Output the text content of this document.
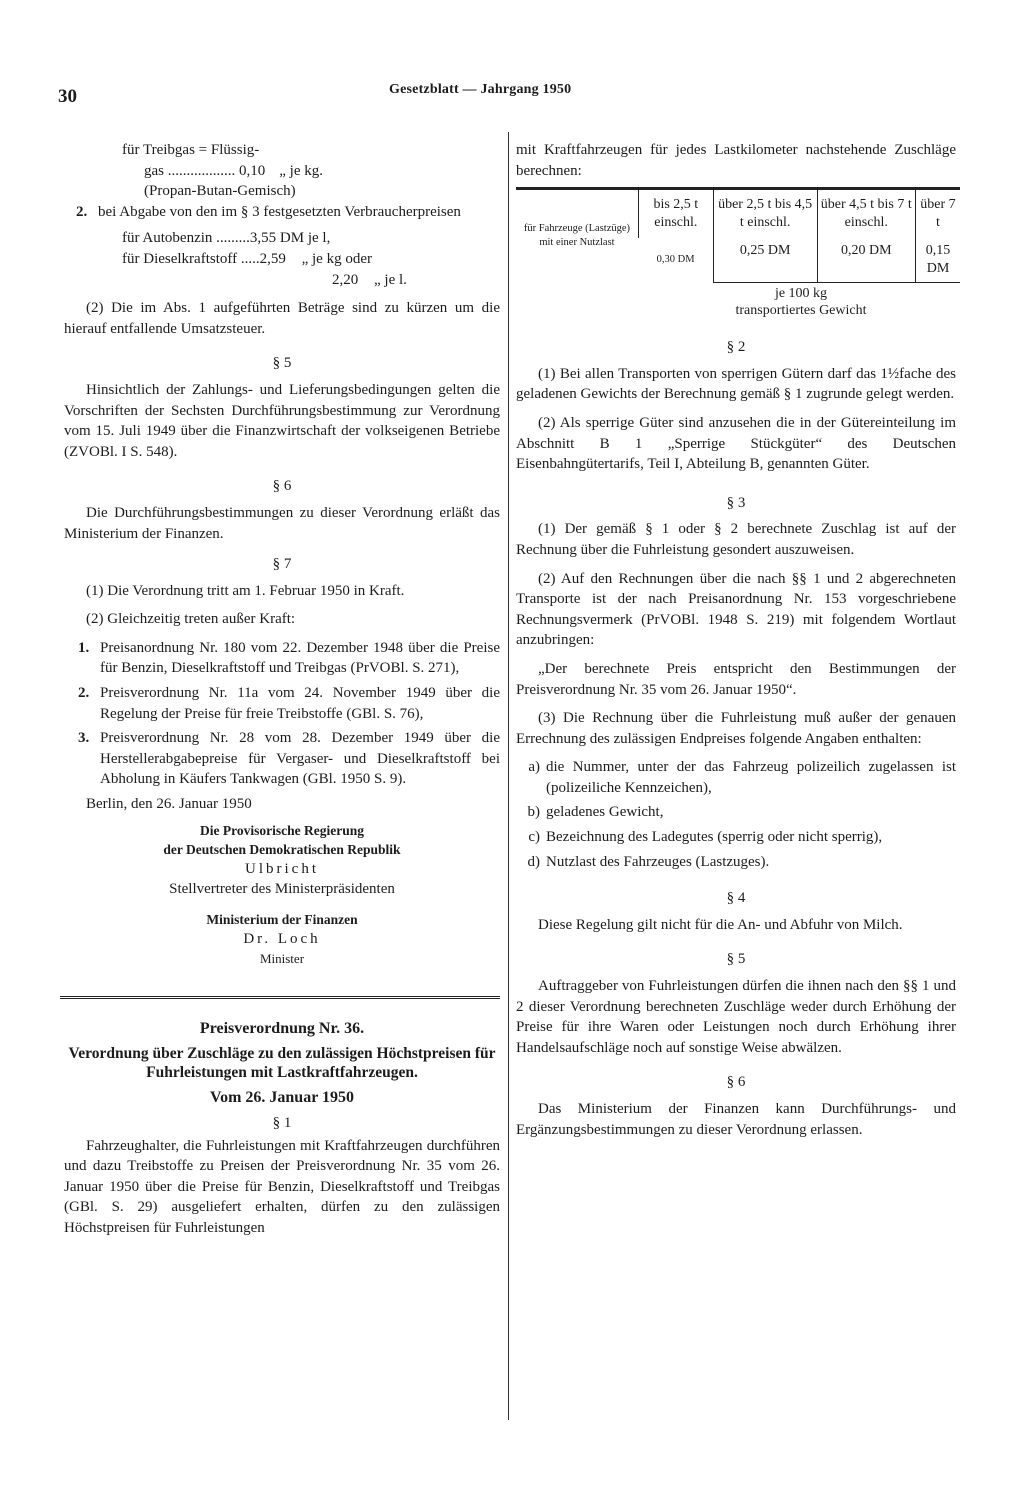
30	Gesetzblatt — Jahrgang 1950
für Treibgas = Flüssig-
gas .................. 0,10 „ je kg.
(Propan-Butan-Gemisch)
2. bei Abgabe von den im § 3 festgesetzten Verbraucherpreisen
für Autobenzin .........3,55 DM je l,
für Dieselkraftstoff .....2,59 „ je kg oder
2,20 „ je l.

(2) Die im Abs. 1 aufgeführten Beträge sind zu kürzen um die hierauf entfallende Umsatzsteuer.

§ 5

Hinsichtlich der Zahlungs- und Lieferungsbedingungen gelten die Vorschriften der Sechsten Durchführungsbestimmung zur Verordnung vom 15. Juli 1949 über die Finanzwirtschaft der volkseigenen Betriebe (ZVOBl. I S. 548).

§ 6

Die Durchführungsbestimmungen zu dieser Verordnung erläßt das Ministerium der Finanzen.

§ 7

(1) Die Verordnung tritt am 1. Februar 1950 in Kraft.

(2) Gleichzeitig treten außer Kraft:

1. Preisanordnung Nr. 180 vom 22. Dezember 1948 über die Preise für Benzin, Dieselkraftstoff und Treibgas (PrVOBl. S. 271),
2. Preisverordnung Nr. 11a vom 24. November 1949 über die Regelung der Preise für freie Treibstoffe (GBl. S. 76),
3. Preisverordnung Nr. 28 vom 28. Dezember 1949 über die Herstellerabgabepreise für Vergaser- und Dieselkraftstoff bei Abholung in Käufers Tankwagen (GBl. 1950 S. 9).

Berlin, den 26. Januar 1950

Die Provisorische Regierung
der Deutschen Demokratischen Republik
Ulbricht
Stellvertreter des Ministerpräsidenten
Ministerium der Finanzen
Dr. Loch
Minister
Preisverordnung Nr. 36.
Verordnung über Zuschläge zu den zulässigen Höchstpreisen für Fuhrleistungen mit Lastkraftfahrzeugen.
Vom 26. Januar 1950
§ 1

Fahrzeughalter, die Fuhrleistungen mit Kraftfahrzeugen durchführen und dazu Treibstoffe zu Preisen der Preisverordnung Nr. 35 vom 26. Januar 1950 über die Preise für Benzin, Dieselkraftstoff und Treibgas (GBl. S. 29) ausgeliefert erhalten, dürfen zu den zulässigen Höchstpreisen für Fuhrleistungen

mit Kraftfahrzeugen für jedes Lastkilometer nachstehende Zuschläge berechnen:

für Fahrzeuge (Lastzüge) mit einer Nutzlast	bis 2,5 t einschl.	über 2,5 t bis 4,5 t einschl.	über 4,5 t bis 7 t einschl.	über 7 t
	0,30 DM	0,25 DM	0,20 DM	0,15 DM
je 100 kg
transportiertes Gewicht
§ 2

(1) Bei allen Transporten von sperrigen Gütern darf das 1½fache des geladenen Gewichts der Berechnung gemäß § 1 zugrunde gelegt werden.

(2) Als sperrige Güter sind anzusehen die in der Gütereinteilung im Abschnitt B 1 „Sperrige Stückgüter“ des Deutschen Eisenbahngütertarifs, Teil I, Abteilung B, genannten Güter.

§ 3

(1) Der gemäß § 1 oder § 2 berechnete Zuschlag ist auf der Rechnung über die Fuhrleistung gesondert auszuweisen.

(2) Auf den Rechnungen über die nach §§ 1 und 2 abgerechneten Transporte ist der nach Preisanordnung Nr. 153 vorgeschriebene Rechnungsvermerk (PrVOBl. 1948 S. 219) mit folgendem Wortlaut anzubringen:

„Der berechnete Preis entspricht den Bestimmungen der Preisverordnung Nr. 35 vom 26. Januar 1950“.

(3) Die Rechnung über die Fuhrleistung muß außer der genauen Errechnung des zulässigen Endpreises folgende Angaben enthalten:

a) die Nummer, unter der das Fahrzeug polizeilich zugelassen ist (polizeiliche Kennzeichen),
b) geladenes Gewicht,
c) Bezeichnung des Ladegutes (sperrig oder nicht sperrig),
d) Nutzlast des Fahrzeuges (Lastzuges).
§ 4

Diese Regelung gilt nicht für die An- und Abfuhr von Milch.

§ 5

Auftraggeber von Fuhrleistungen dürfen die ihnen nach den §§ 1 und 2 dieser Verordnung berechneten Zuschläge weder durch Erhöhung der Preise für ihre Waren oder Leistungen noch durch Erhöhung ihrer Handelsaufschläge noch auf sonstige Weise abwälzen.

§ 6

Das Ministerium der Finanzen kann Durchführungs- und Ergänzungsbestimmungen zu dieser Verordnung erlassen.
